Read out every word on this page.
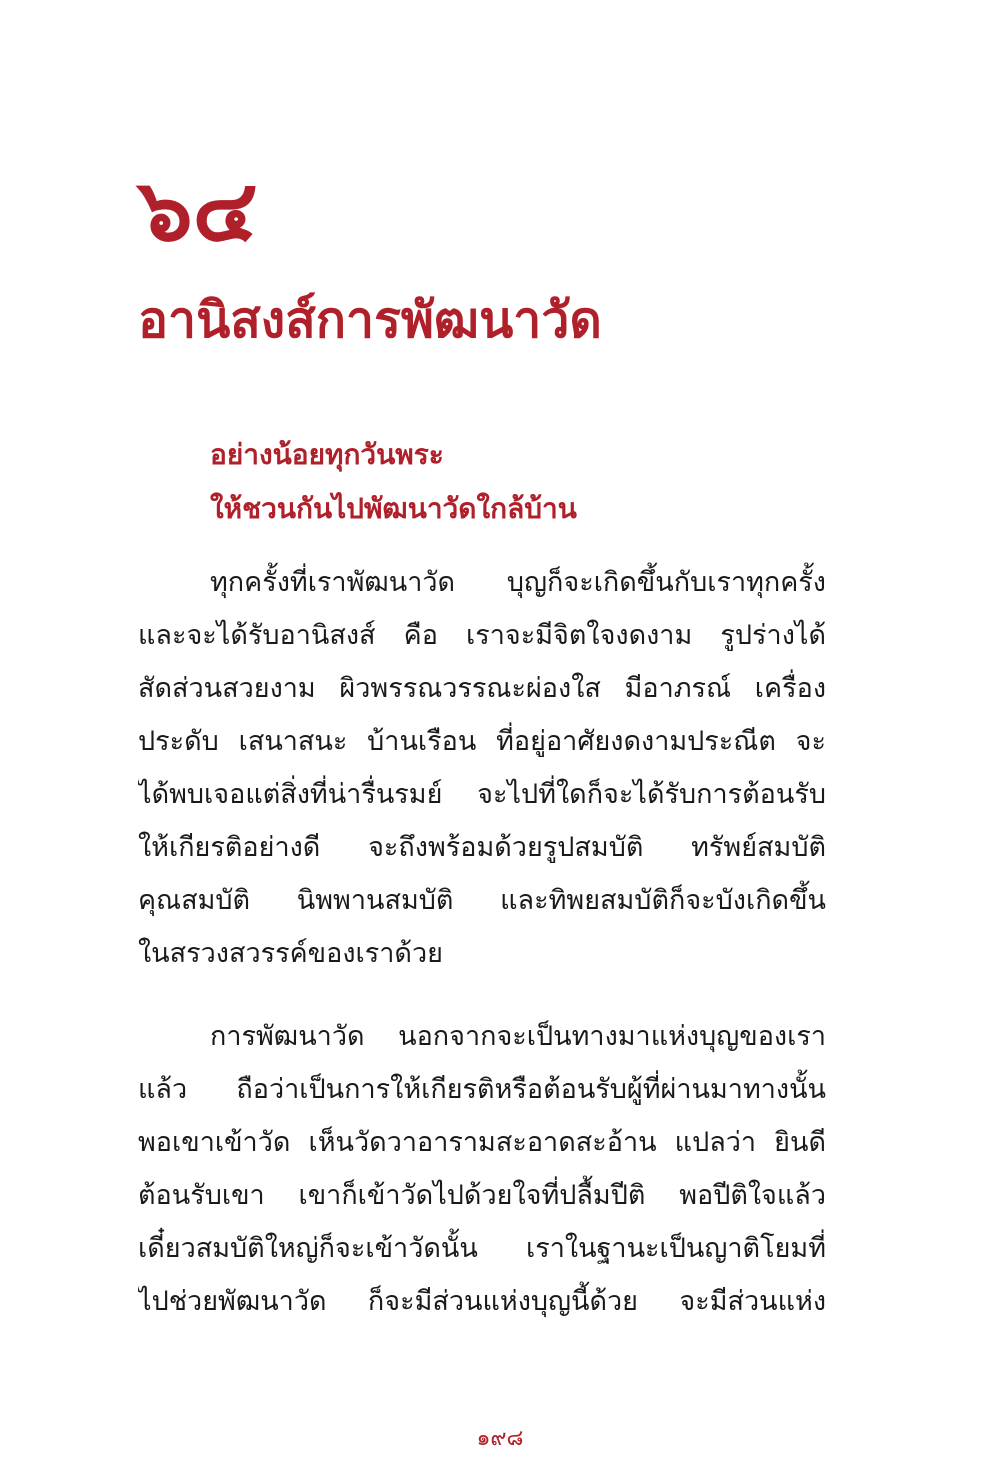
๖๔
อานิสงส์การพัฒนาวัด
อย่างน้อยทุกวันพระ
ให้ชวนกันไปพัฒนาวัดใกล้บ้าน
ทุกครั้งที่เราพัฒนาวัด บุญก็จะเกิดขึ้นกับเราทุกครั้ง
และจะได้รับอานิสงส์ คือ เราจะมีจิตใจงดงาม รูปร่างได้
สัดส่วนสวยงาม ผิวพรรณวรรณะผ่องใส มีอาภรณ์ เครื่อง
ประดับ เสนาสนะ บ้านเรือน ที่อยู่อาศัยงดงามประณีต จะ
ได้พบเจอแต่สิ่งที่น่ารื่นรมย์ จะไปที่ใดก็จะได้รับการต้อนรับ
ให้เกียรติอย่างดี จะถึงพร้อมด้วยรูปสมบัติ ทรัพย์สมบัติ
คุณสมบัติ นิพพานสมบัติ และทิพยสมบัติก็จะบังเกิดขึ้น
ในสรวงสวรรค์ของเราด้วย
การพัฒนาวัด นอกจากจะเป็นทางมาแห่งบุญของเรา
แล้ว ถือว่าเป็นการให้เกียรติหรือต้อนรับผู้ที่ผ่านมาทางนั้น
พอเขาเข้าวัด เห็นวัดวาอารามสะอาดสะอ้าน แปลว่า ยินดี
ต้อนรับเขา เขาก็เข้าวัดไปด้วยใจที่ปลื้มปีติ พอปีติใจแล้ว
เดี๋ยวสมบัติใหญ่ก็จะเข้าวัดนั้น เราในฐานะเป็นญาติโยมที่
ไปช่วยพัฒนาวัด ก็จะมีส่วนแห่งบุญนี้ด้วย จะมีส่วนแห่ง
๑๙๘
